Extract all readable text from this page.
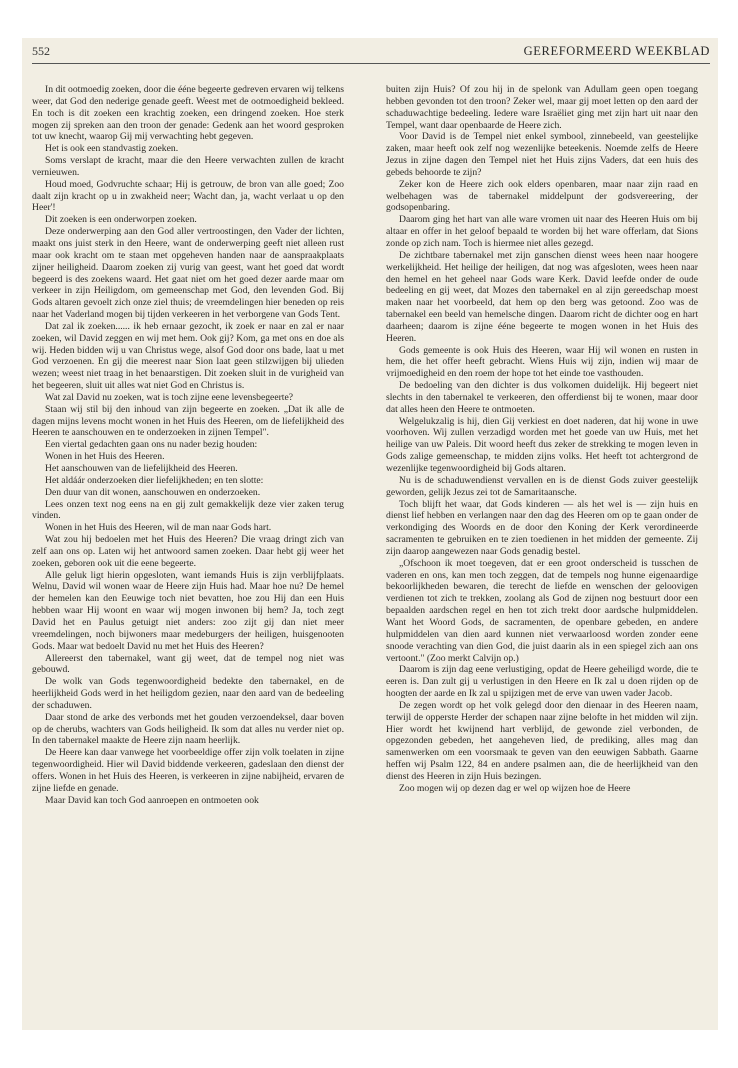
552	GEREFORMEERD WEEKBLAD

In dit ootmoedig zoeken, door die ééne begeerte gedreven ervaren wij telkens weer, dat God den nederige genade geeft. Weest met de ootmoedigheid bekleed. En toch is dit zoeken een krachtig zoeken, een dringend zoeken. Hoe sterk mogen zij spreken aan den troon der genade: Gedenk aan het woord gesproken tot uw knecht, waarop Gij mij verwachting hebt gegeven.

Het is ook een standvastig zoeken.

Soms verslapt de kracht, maar die den Heere verwachten zullen de kracht vernieuwen.

Houd moed, Godvruchte schaar; Hij is getrouw, de bron van alle goed; Zoo daalt zijn kracht op u in zwakheid neer; Wacht dan, ja, wacht verlaat u op den Heer'!

Dit zoeken is een onderworpen zoeken.

Deze onderwerping aan den God aller vertroostingen, den Vader der lichten, maakt ons juist sterk in den Heere, want de onderwerping geeft niet alleen rust maar ook kracht om te staan met opgeheven handen naar de aanspraakplaats zijner heiligheid. Daarom zoeken zij vurig van geest, want het goed dat wordt begeerd is des zoekens waard. Het gaat niet om het goed dezer aarde maar om verkeer in zijn Heiligdom, om gemeenschap met God, den levenden God. Bij Gods altaren gevoelt zich onze ziel thuis; de vreemdelingen hier beneden op reis naar het Vaderland mogen bij tijden verkeeren in het verborgene van Gods Tent.

Dat zal ik zoeken...... ik heb ernaar gezocht, ik zoek er naar en zal er naar zoeken, wil David zeggen en wij met hem. Ook gij? Kom, ga met ons en doe als wij. Heden bidden wij u van Christus wege, alsof God door ons bade, laat u met God verzoenen. En gij die meerest naar Sion laat geen stilzwijgen bij ulieden wezen; weest niet traag in het benaarstigen. Dit zoeken sluit in de vurigheid van het begeeren, sluit uit alles wat niet God en Christus is.

Wat zal David nu zoeken, wat is toch zijne eene levensbegeerte?

Staan wij stil bij den inhoud van zijn begeerte en zoeken. „Dat ik alle de dagen mijns levens mocht wonen in het Huis des Heeren, om de liefelijkheid des Heeren te aanschouwen en te onderzoeken in zijnen Tempel".

Een viertal gedachten gaan ons nu nader bezig houden:

Wonen in het Huis des Heeren.

Het aanschouwen van de liefelijkheid des Heeren.

Het aldáár onderzoeken dier liefelijkheden; en ten slotte:

Den duur van dit wonen, aanschouwen en onderzoeken.

Lees onzen text nog eens na en gij zult gemakkelijk deze vier zaken terug vinden.

Wonen in het Huis des Heeren, wil de man naar Gods hart.

Wat zou hij bedoelen met het Huis des Heeren? Die vraag dringt zich van zelf aan ons op. Laten wij het antwoord samen zoeken. Daar hebt gij weer het zoeken, geboren ook uit die eene begeerte.

Alle geluk ligt hierin opgesloten, want iemands Huis is zijn verblijfplaats. Welnu, David wil wonen waar de Heere zijn Huis had. Maar hoe nu? De hemel der hemelen kan den Eeuwige toch niet bevatten, hoe zou Hij dan een Huis hebben waar Hij woont en waar wij mogen inwonen bij hem? Ja, toch zegt David het en Paulus getuigt niet anders: zoo zijt gij dan niet meer vreemdelingen, noch bijwoners maar medeburgers der heiligen, huisgenooten Gods. Maar wat bedoelt David nu met het Huis des Heeren?

Allereerst den tabernakel, want gij weet, dat de tempel nog niet was gebouwd.

De wolk van Gods tegenwoordigheid bedekte den tabernakel, en de heerlijkheid Gods werd in het heiligdom gezien, naar den aard van de bedeeling der schaduwen.

Daar stond de arke des verbonds met het gouden verzoendeksel, daar boven op de cherubs, wachters van Gods heiligheid. Ik som dat alles nu verder niet op. In den tabernakel maakte de Heere zijn naam heerlijk.

De Heere kan daar vanwege het voorbeeldige offer zijn volk toelaten in zijne tegenwoordigheid. Hier wil David biddende verkeeren, gadeslaan den dienst der offers. Wonen in het Huis des Heeren, is verkeeren in zijne nabijheid, ervaren de zijne liefde en genade.

Maar David kan toch God aanroepen en ontmoeten ook

buiten zijn Huis? Of zou hij in de spelonk van Adullam geen open toegang hebben gevonden tot den troon? Zeker wel, maar gij moet letten op den aard der schaduwachtige bedeeling. Iedere ware Israëliet ging met zijn hart uit naar den Tempel, want daar openbaarde de Heere zich.

Voor David is de Tempel niet enkel symbool, zinnebeeld, van geestelijke zaken, maar heeft ook zelf nog wezenlijke beteekenis. Noemde zelfs de Heere Jezus in zijne dagen den Tempel niet het Huis zijns Vaders, dat een huis des gebeds behoorde te zijn?

Zeker kon de Heere zich ook elders openbaren, maar naar zijn raad en welbehagen was de tabernakel middelpunt der godsvereering, der godsopenbaring.

Daarom ging het hart van alle ware vromen uit naar des Heeren Huis om bij altaar en offer in het geloof bepaald te worden bij het ware offerlam, dat Sions zonde op zich nam. Toch is hiermee niet alles gezegd.

De zichtbare tabernakel met zijn ganschen dienst wees heen naar hoogere werkelijkheid. Het heilige der heiligen, dat nog was afgesloten, wees heen naar den hemel en het geheel naar Gods ware Kerk. David leefde onder de oude bedeeling en gij weet, dat Mozes den tabernakel en al zijn gereedschap moest maken naar het voorbeeld, dat hem op den berg was getoond. Zoo was de tabernakel een beeld van hemelsche dingen. Daarom richt de dichter oog en hart daarheen; daarom is zijne ééne begeerte te mogen wonen in het Huis des Heeren.

Gods gemeente is ook Huis des Heeren, waar Hij wil wonen en rusten in hem, die het offer heeft gebracht. Wiens Huis wij zijn, indien wij maar de vrijmoedigheid en den roem der hope tot het einde toe vasthouden.

De bedoeling van den dichter is dus volkomen duidelijk. Hij begeert niet slechts in den tabernakel te verkeeren, den offerdienst bij te wonen, maar door dat alles heen den Heere te ontmoeten.

Welgelukzalig is hij, dien Gij verkiest en doet naderen, dat hij wone in uwe voorhoven. Wij zullen verzadigd worden met het goede van uw Huis, met het heilige van uw Paleis. Dit woord heeft dus zeker de strekking te mogen leven in Gods zalige gemeenschap, te midden zijns volks. Het heeft tot achtergrond de wezenlijke tegenwoordigheid bij Gods altaren.

Nu is de schaduwendienst vervallen en is de dienst Gods zuiver geestelijk geworden, gelijk Jezus zei tot de Samaritaansche.

Toch blijft het waar, dat Gods kinderen — als het wel is — zijn huis en dienst lief hebben en verlangen naar den dag des Heeren om op te gaan onder de verkondiging des Woords en de door den Koning der Kerk verordineerde sacramenten te gebruiken en te zien toedienen in het midden der gemeente. Zij zijn daarop aangewezen naar Gods genadig bestel.

„Ofschoon ik moet toegeven, dat er een groot onderscheid is tusschen de vaderen en ons, kan men toch zeggen, dat de tempels nog hunne eigenaardige bekoorlijkheden bewaren, die terecht de liefde en wenschen der geloovigen verdienen tot zich te trekken, zoolang als God de zijnen nog bestuurt door een bepaalden aardschen regel en hen tot zich trekt door aardsche hulpmiddelen. Want het Woord Gods, de sacramenten, de openbare gebeden, en andere hulpmiddelen van dien aard kunnen niet verwaarloosd worden zonder eene snoode verachting van dien God, die juist daarin als in een spiegel zich aan ons vertoont." (Zoo merkt Calvijn op.)

Daarom is zijn dag eene verlustiging, opdat de Heere geheiligd worde, die te eeren is. Dan zult gij u verlustigen in den Heere en Ik zal u doen rijden op de hoogten der aarde en Ik zal u spijzigen met de erve van uwen vader Jacob.

De zegen wordt op het volk gelegd door den dienaar in des Heeren naam, terwijl de opperste Herder der schapen naar zijne belofte in het midden wil zijn. Hier wordt het kwijnend hart verblijd, de gewonde ziel verbonden, de opgezonden gebeden, het aangeheven lied, de prediking, alles mag dan samenwerken om een voorsmaak te geven van den eeuwigen Sabbath. Gaarne heffen wij Psalm 122, 84 en andere psalmen aan, die de heerlijkheid van den dienst des Heeren in zijn Huis bezingen.

Zoo mogen wij op dezen dag er wel op wijzen hoe de Heere
